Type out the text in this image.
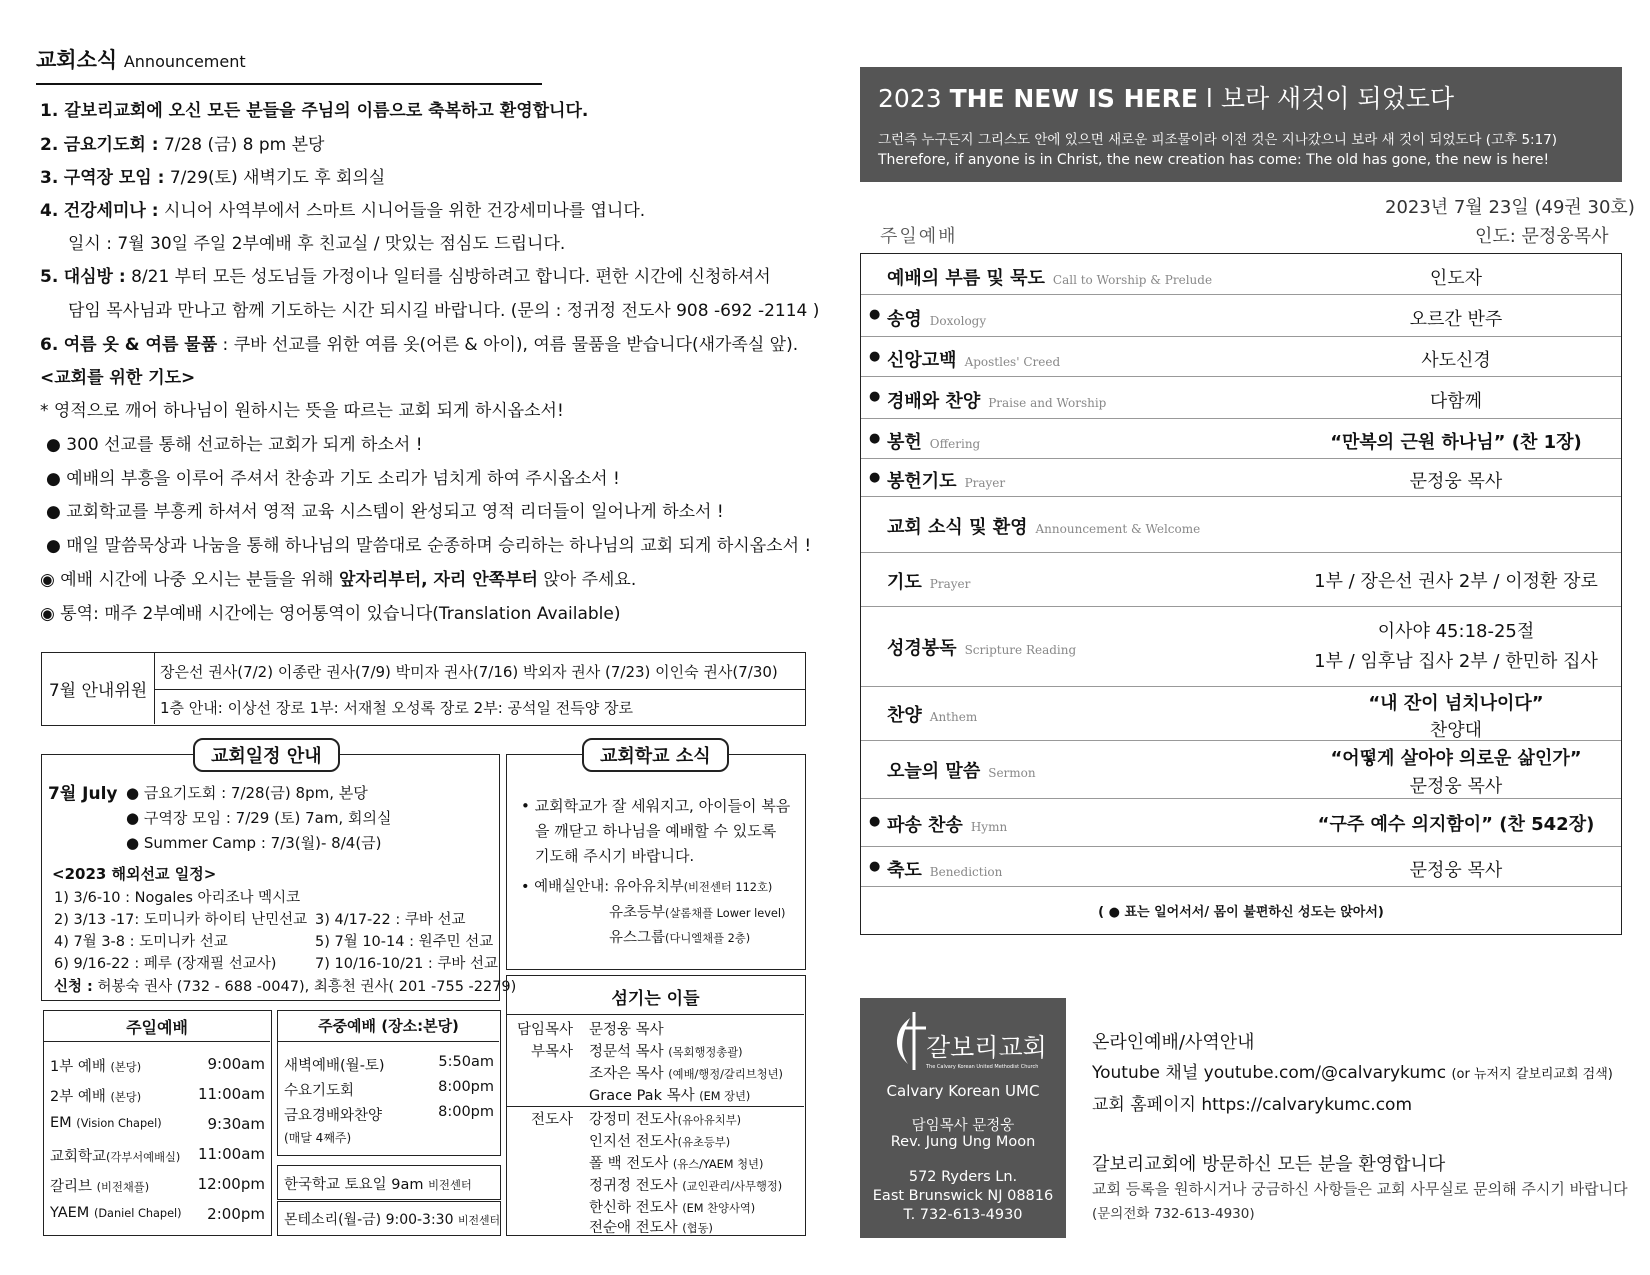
교회소식 Announcement
1. 갈보리교회에 오신 모든 분들을 주님의 이름으로 축복하고 환영합니다.
2. 금요기도회 : 7/28 (금) 8 pm 본당
3. 구역장 모임 : 7/29(토) 새벽기도 후 회의실
4. 건강세미나 : 시니어 사역부에서 스마트 시니어들을 위한 건강세미나를 엽니다.
일시 : 7월 30일 주일 2부예배 후 친교실 / 맛있는 점심도 드립니다.
5. 대심방 : 8/21 부터 모든 성도님들 가정이나 일터를 심방하려고 합니다. 편한 시간에 신청하셔서
담임 목사님과 만나고 함께 기도하는 시간 되시길 바랍니다. (문의 : 정귀정 전도사 908 -692 -2114 )
6. 여름 옷 & 여름 물품 : 쿠바 선교를 위한 여름 옷(어른 & 아이), 여름 물품을 받습니다(새가족실 앞).
<교회를 위한 기도>
* 영적으로 깨어 하나님이 원하시는 뜻을 따르는 교회 되게 하시옵소서!
● 300 선교를 통해 선교하는 교회가 되게 하소서 !
● 예배의 부흥을 이루어 주셔서 찬송과 기도 소리가 넘치게 하여 주시옵소서 !
● 교회학교를 부흥케 하셔서 영적 교육 시스템이 완성되고 영적 리더들이 일어나게 하소서 !
● 매일 말씀묵상과 나눔을 통해 하나님의 말씀대로 순종하며 승리하는 하나님의 교회 되게 하시옵소서 !
◉ 예배 시간에 나중 오시는 분들을 위해 앞자리부터, 자리 안쪽부터 앉아 주세요.
◉ 통역: 매주 2부예배 시간에는 영어통역이 있습니다(Translation Available)
7월 안내위원
장은선 권사(7/2) 이종란 권사(7/9) 박미자 권사(7/16) 박외자 권사 (7/23) 이인숙 권사(7/30)
1층 안내: 이상선 장로 1부: 서재철 오성록 장로 2부: 공석일 전득양 장로
7월 July ● 금요기도회 : 7/28(금) 8pm, 본당
● 구역장 모임 : 7/29 (토) 7am, 회의실
● Summer Camp : 7/3(월)- 8/4(금)
<2023 해외선교 일정>
1) 3/6-10 : Nogales 아리조나 멕시코
2) 3/13 -17: 도미니카 하이티 난민선교 3) 4/17-22 : 쿠바 선교
4) 7월 3-8 : 도미니카 선교	5) 7월 10-14 : 원주민 선교
6) 9/16-22 : 페루 (장재필 선교사)	7) 10/16-10/21 : 쿠바 선교
신청 : 허봉숙 권사 (732 - 688 -0047), 최흥천 권사( 201 -755 -2279)
교회일정 안내
• 교회학교가 잘 세워지고, 아이들이 복음
을 깨닫고 하나님을 예배할 수 있도록
기도해 주시기 바랍니다.
• 예배실안내: 유아유치부(비전센터 112호)
유초등부(살롬채플 Lower level)
유스그룹(다니엘채플 2층)
교회학교 소식
주일예배
1부 예배 (본당)	9:00am
2부 예배 (본당)	11:00am
EM (Vision Chapel)	9:30am
교회학교(각부서예배실) 11:00am
갈리브 (비전채플)	12:00pm
YAEM (Daniel Chapel) 2:00pm
주중예배 (장소:본당)
새벽예배(월-토)	5:50am
수요기도회	8:00pm
금요경배와찬양	8:00pm
(매달 4째주)
한국학교 토요일 9am 비전센터
몬테소리(월-금) 9:00-3:30 비전센터
섬기는 이들
담임목사 문정웅 목사
부목사 정문석 목사 (목회행정총괄)
조자은 목사 (예배/행정/갈리브청년)
Grace Pak 목사 (EM 장년)
전도사 강정미 전도사(유아유치부)
인지선 전도사(유초등부)
폴 백 전도사 (유스/YAEM 청년)
정귀정 전도사 (교인관리/사무행정)
한신하 전도사 (EM 찬양사역)
전순애 전도사 (협동)
2023 THE NEW IS HERE l 보라 새것이 되었도다
그런즉 누구든지 그리스도 안에 있으면 새로운 피조물이라 이전 것은 지나갔으니 보라 새 것이 되었도다 (고후 5:17)
Therefore, if anyone is in Christ, the new creation has come: The old has gone, the new is here!
2023년 7월 23일 (49권 30호)
인도: 문정웅목사
주일예배
예배의 부름 및 묵도 Call to Worship & Prelude	인도자
● 송영 Doxology	오르간 반주
● 신앙고백 Apostles' Creed	사도신경
● 경배와 찬양 Praise and Worship	다함께
● 봉헌 Offering	“만복의 근원 하나님” (찬 1장)
● 봉헌기도 Prayer	문정웅 목사
교회 소식 및 환영 Announcement & Welcome
기도 Prayer	1부 / 장은선 권사 2부 / 이정환 장로
성경봉독 Scripture Reading
이사야 45:18-25절
1부 / 임후남 집사 2부 / 한민하 집사
찬양 Anthem
“내 잔이 넘치나이다”
찬양대
오늘의 말씀 Sermon
“어떻게 살아야 의로운 삶인가”
문정웅 목사
● 파송 찬송 Hymn	“구주 예수 의지함이” (찬 542장)
● 축도 Benediction	문정웅 목사
( ● 표는 일어서서/ 몸이 불편하신 성도는 앉아서)
갈보리교회
The Calvary Korean United Methodist Church
Calvary Korean UMC
담임목사 문정웅
Rev. Jung Ung Moon
572 Ryders Ln.
East Brunswick NJ 08816
T. 732-613-4930
온라인예배/사역안내
Youtube 채널 youtube.com/@calvarykumc (or 뉴저지 갈보리교회 검색)
교회 홈페이지 https://calvarykumc.com
갈보리교회에 방문하신 모든 분을 환영합니다
교회 등록을 원하시거나 궁금하신 사항들은 교회 사무실로 문의해 주시기 바랍니다
(문의전화 732-613-4930)
